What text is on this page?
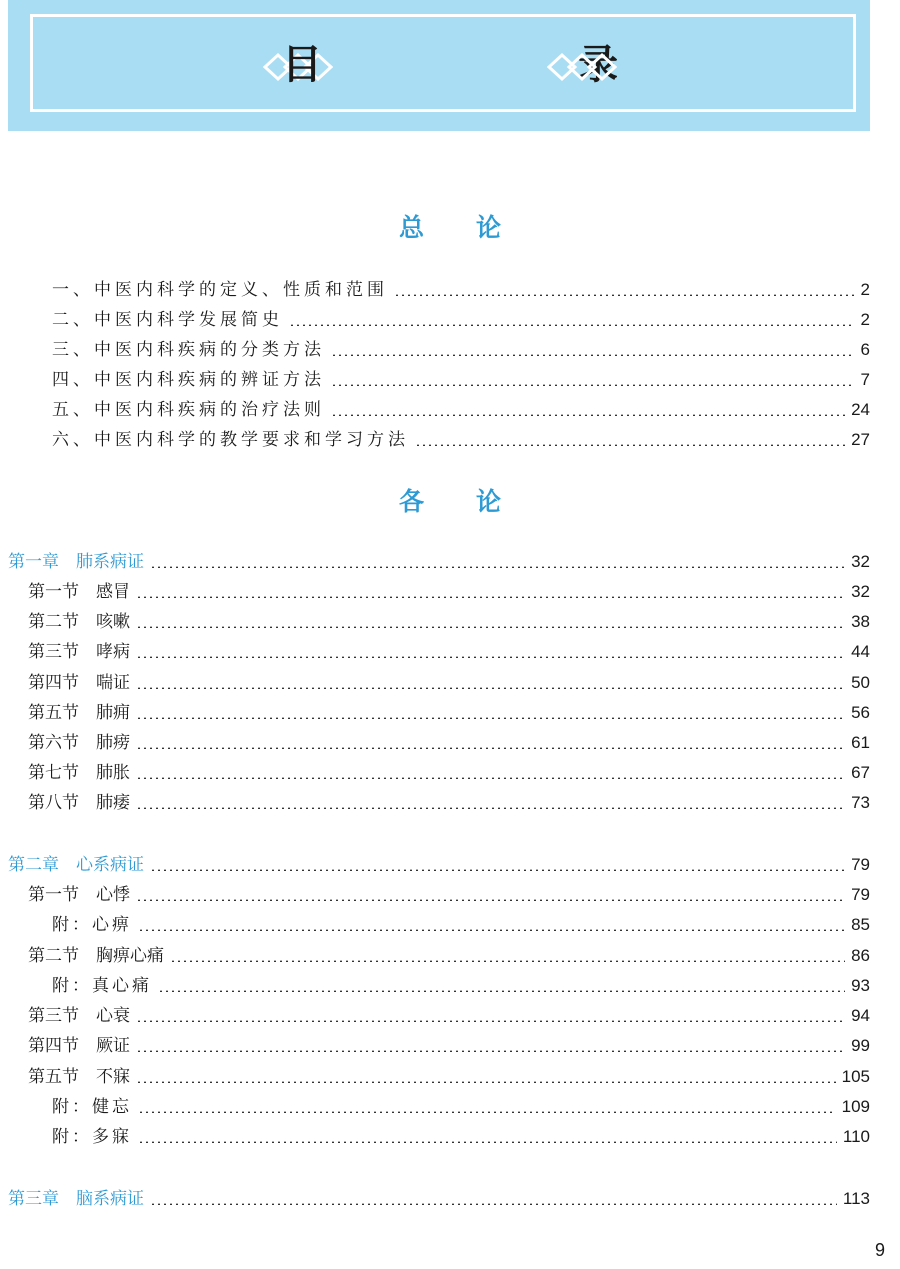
目　录
总论
一、中医内科学的定义、性质和范围	2
二、中医内科学发展简史	2
三、中医内科疾病的分类方法	6
四、中医内科疾病的辨证方法	7
五、中医内科疾病的治疗法则	24
六、中医内科学的教学要求和学习方法	27
各论
第一章　肺系病证	32
第一节　感冒	32
第二节　咳嗽	38
第三节　哮病	44
第四节　喘证	50
第五节　肺痈	56
第六节　肺痨	61
第七节　肺胀	67
第八节　肺痿	73
第二章　心系病证	79
第一节　心悸	79
附：心痹	85
第二节　胸痹心痛	86
附：真心痛	93
第三节　心衰	94
第四节　厥证	99
第五节　不寐	105
附：健忘	109
附：多寐	110
第三章　脑系病证	113
9
